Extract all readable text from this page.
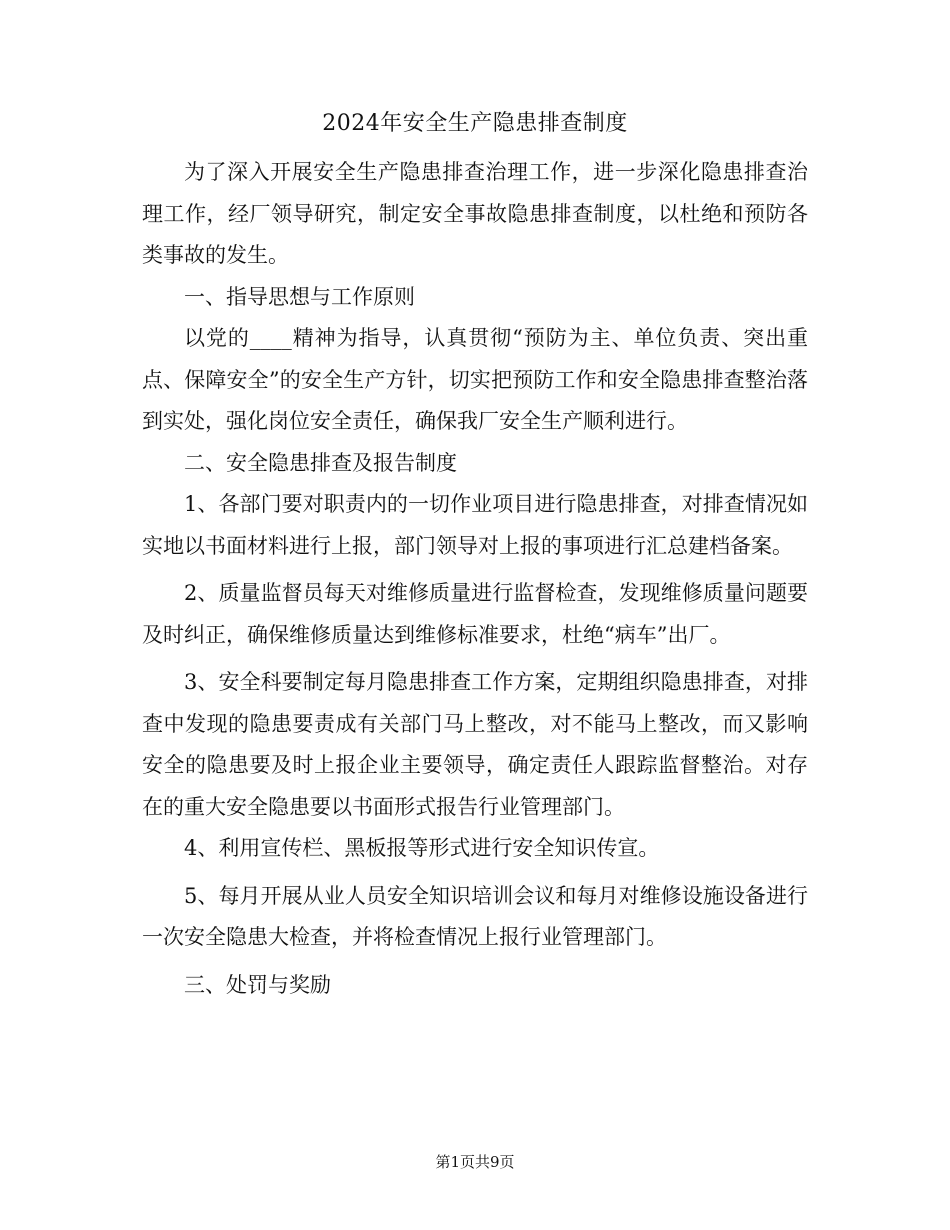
2024年安全生产隐患排查制度

为了深入开展安全生产隐患排查治理工作，进一步深化隐患排查治理工作，经厂领导研究，制定安全事故隐患排查制度，以杜绝和预防各类事故的发生。

一、指导思想与工作原则

以党的____精神为指导，认真贯彻“预防为主、单位负责、突出重点、保障安全”的安全生产方针，切实把预防工作和安全隐患排查整治落到实处，强化岗位安全责任，确保我厂安全生产顺利进行。

二、安全隐患排查及报告制度

1、各部门要对职责内的一切作业项目进行隐患排查，对排查情况如实地以书面材料进行上报，部门领导对上报的事项进行汇总建档备案。

2、质量监督员每天对维修质量进行监督检查，发现维修质量问题要及时纠正，确保维修质量达到维修标准要求，杜绝“病车”出厂。

3、安全科要制定每月隐患排查工作方案，定期组织隐患排查，对排查中发现的隐患要责成有关部门马上整改，对不能马上整改，而又影响安全的隐患要及时上报企业主要领导，确定责任人跟踪监督整治。对存在的重大安全隐患要以书面形式报告行业管理部门。

4、利用宣传栏、黑板报等形式进行安全知识传宣。

5、每月开展从业人员安全知识培训会议和每月对维修设施设备进行一次安全隐患大检查，并将检查情况上报行业管理部门。

三、处罚与奖励

第1页共9页
